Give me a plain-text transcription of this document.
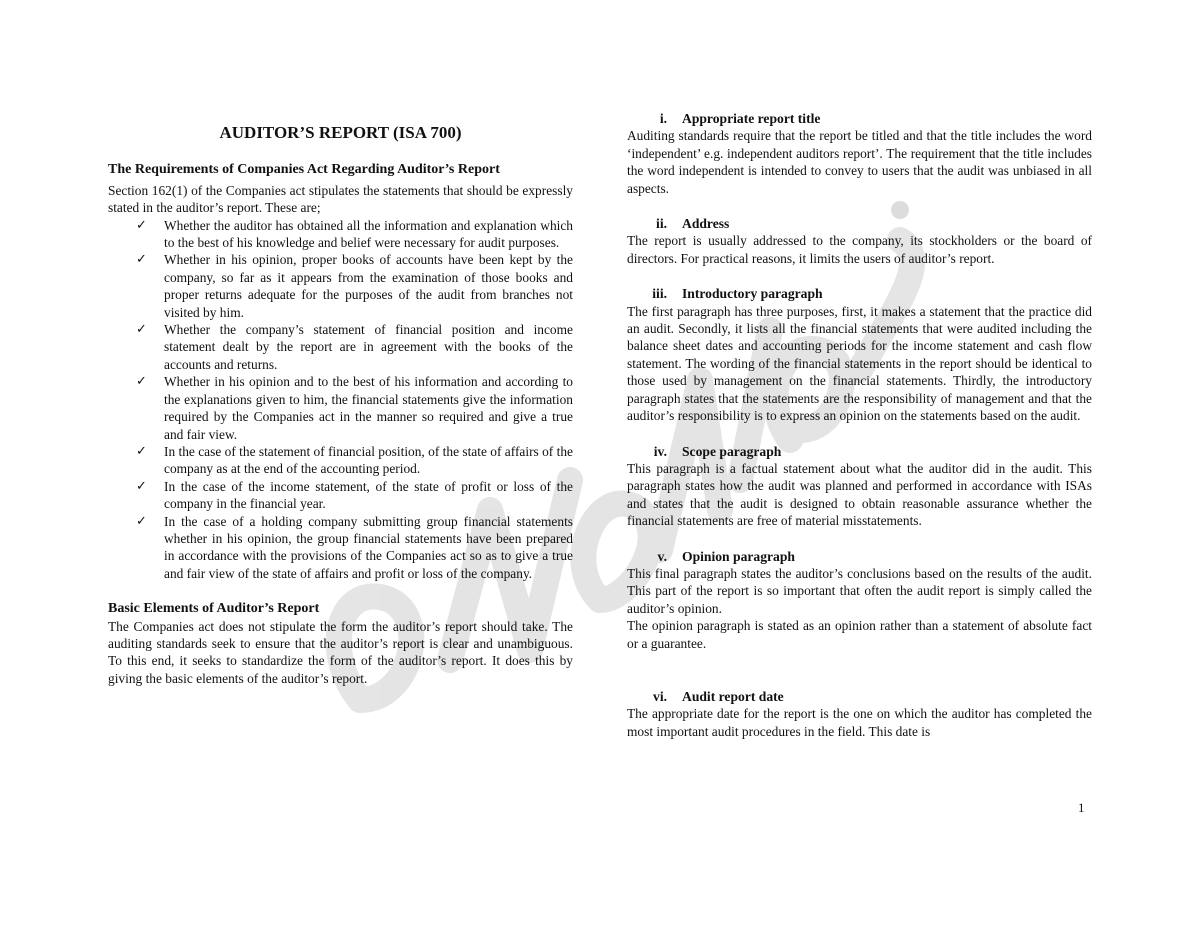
AUDITOR’S REPORT (ISA 700)

The Requirements of Companies Act Regarding Auditor’s Report

Section 162(1) of the Companies act stipulates the statements that should be expressly stated in the auditor’s report. These are;

✓ Whether the auditor has obtained all the information and explanation which to the best of his knowledge and belief were necessary for audit purposes.
✓ Whether in his opinion, proper books of accounts have been kept by the company, so far as it appears from the examination of those books and proper returns adequate for the purposes of the audit from branches not visited by him.
✓ Whether the company’s statement of financial position and income statement dealt by the report are in agreement with the books of the accounts and returns.
✓ Whether in his opinion and to the best of his information and according to the explanations given to him, the financial statements give the information required by the Companies act in the manner so required and give a true and fair view.
✓ In the case of the statement of financial position, of the state of affairs of the company as at the end of the accounting period.
✓ In the case of the income statement, of the state of profit or loss of the company in the financial year.
✓ In the case of a holding company submitting group financial statements whether in his opinion, the group financial statements have been prepared in accordance with the provisions of the Companies act so as to give a true and fair view of the state of affairs and profit or loss of the company.

Basic Elements of Auditor’s Report

The Companies act does not stipulate the form the auditor’s report should take. The auditing standards seek to ensure that the auditor’s report is clear and unambiguous. To this end, it seeks to standardize the form of the auditor’s report. It does this by giving the basic elements of the auditor’s report.

i. Appropriate report title

Auditing standards require that the report be titled and that the title includes the word ‘independent’ e.g. independent auditors report’. The requirement that the title includes the word independent is intended to convey to users that the audit was unbiased in all aspects.

ii. Address

The report is usually addressed to the company, its stockholders or the board of directors. For practical reasons, it limits the users of auditor’s report.

iii. Introductory paragraph

The first paragraph has three purposes, first, it makes a statement that the practice did an audit. Secondly, it lists all the financial statements that were audited including the balance sheet dates and accounting periods for the income statement and cash flow statement. The wording of the financial statements in the report should be identical to those used by management on the financial statements. Thirdly, the introductory paragraph states that the statements are the responsibility of management and that the auditor’s responsibility is to express an opinion on the statements based on the audit.

iv. Scope paragraph

This paragraph is a factual statement about what the auditor did in the audit. This paragraph states how the audit was planned and performed in accordance with ISAs and states that the audit is designed to obtain reasonable assurance whether the financial statements are free of material misstatements.

v. Opinion paragraph

This final paragraph states the auditor’s conclusions based on the results of the audit. This part of the report is so important that often the audit report is simply called the auditor’s opinion.

The opinion paragraph is stated as an opinion rather than a statement of absolute fact or a guarantee.

vi. Audit report date

The appropriate date for the report is the one on which the auditor has completed the most important audit procedures in the field. This date is

1
